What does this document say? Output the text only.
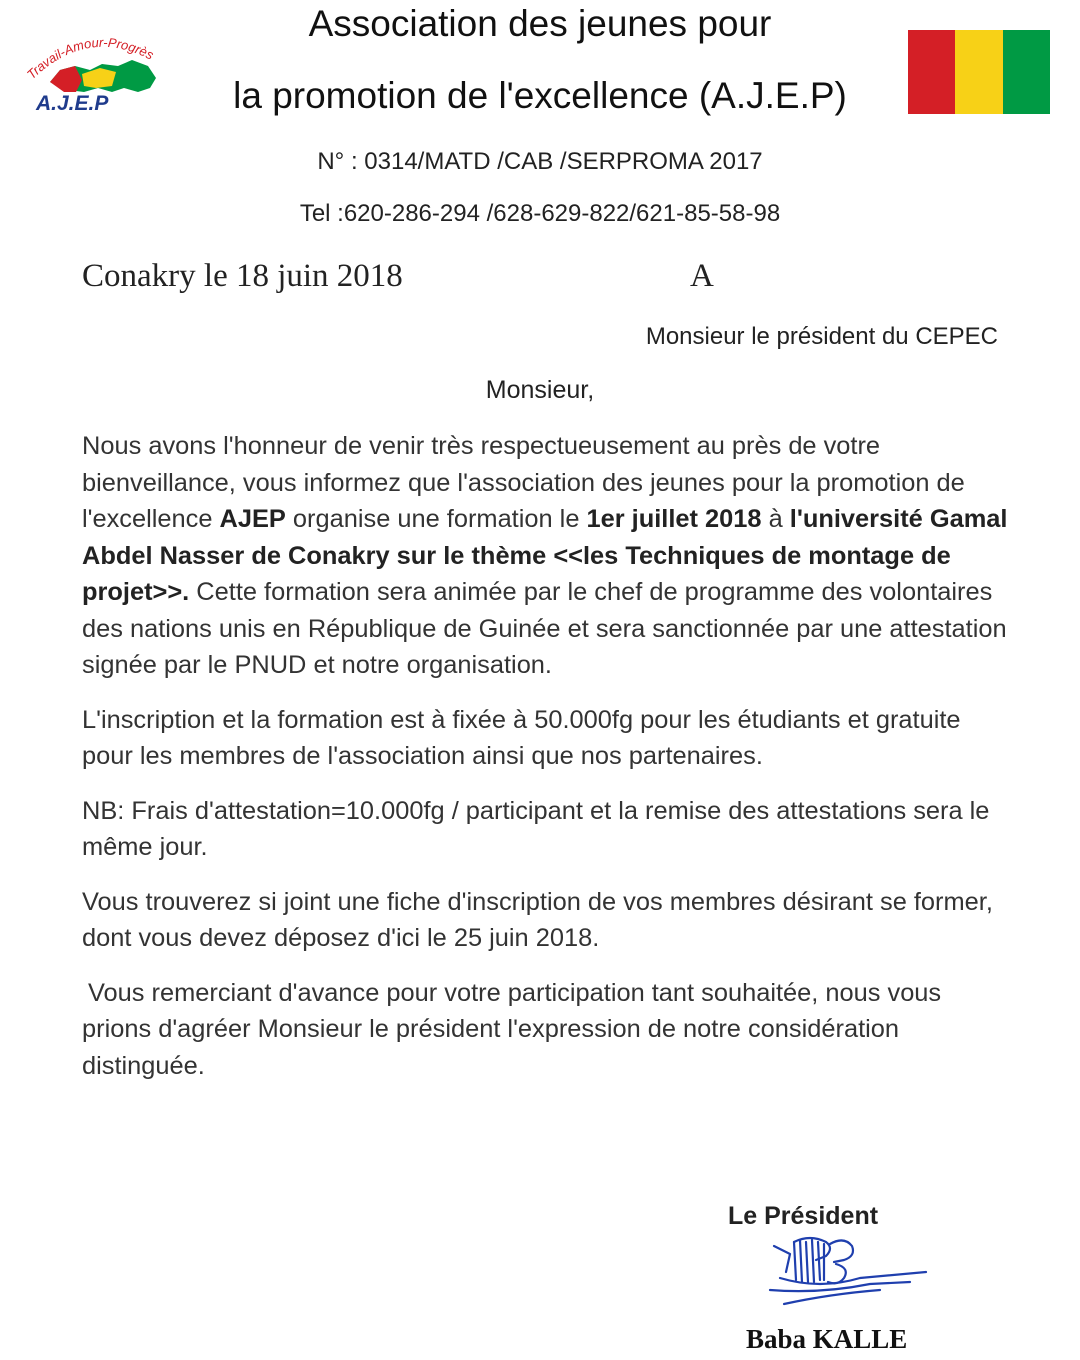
Travail-Amour-Progrès
A.J.E.P
Association des jeunes pour
la promotion de l'excellence (A.J.E.P)
N° : 0314/MATD /CAB /SERPROMA 2017
Tel :620-286-294 /628-629-822/621-85-58-98
Conakry le 18 juin 2018	A
Monsieur le président du CEPEC
Monsieur,

Nous avons l'honneur de venir très respectueusement au près de votre bienveillance, vous informez que l'association des jeunes pour la promotion de l'excellence AJEP organise une formation le 1er juillet 2018 à l'université Gamal Abdel Nasser de Conakry sur le thème <<les Techniques de montage de projet>>. Cette formation sera animée par le chef de programme des volontaires des nations unis en République de Guinée et sera sanctionnée par une attestation signée par le PNUD et notre organisation.

L'inscription et la formation est à fixée à 50.000fg pour les étudiants et gratuite pour les membres de l'association ainsi que nos partenaires.

NB: Frais d'attestation=10.000fg / participant et la remise des attestations sera le même jour.

Vous trouverez si joint une fiche d'inscription de vos membres désirant se former, dont vous devez déposez d'ici le 25 juin 2018.

Vous remerciant d'avance pour votre participation tant souhaitée, nous vous prions d'agréer Monsieur le président l'expression de notre considération distinguée.

Le Président
Baba KALLE
